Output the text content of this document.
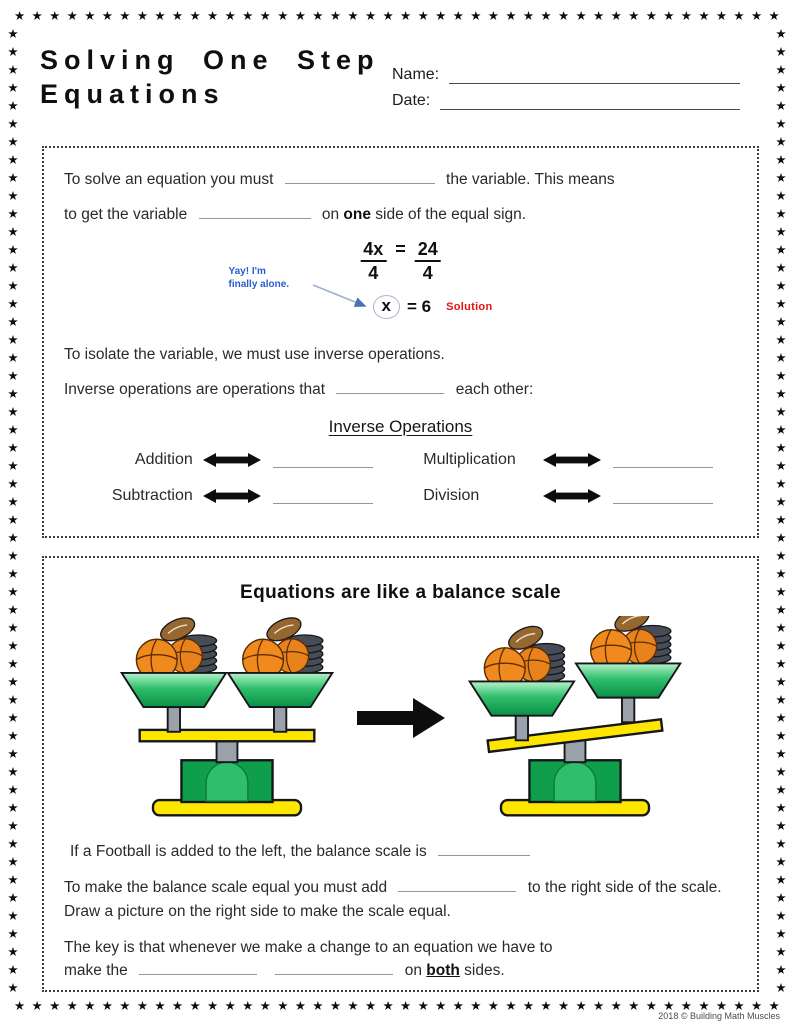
★ ★ ★ ★ ★ ★ ★ ★ ★ ★ ★ ★ ★ ★ ★ ★ ★ ★ ★ ★ ★ ★ ★ ★ ★ ★ ★ ★ ★ ★ ★ ★ ★ ★ ★ ★ ★ ★ ★ ★ ★ ★ ★ ★
★ ★ ★ ★ ★ ★ ★ ★ ★ ★ ★ ★ ★ ★ ★ ★ ★ ★ ★ ★ ★ ★ ★ ★ ★ ★ ★ ★ ★ ★ ★ ★ ★ ★ ★ ★ ★ ★ ★ ★ ★ ★ ★ ★
★
★
★
★
★
★
★
★
★
★
★
★
★
★
★
★
★
★
★
★
★
★
★
★
★
★
★
★
★
★
★
★
★
★
★
★
★
★
★
★
★
★
★
★
★
★
★
★
★
★
★
★
★
★
★
★
★
★
★
★
★
★
★
★
★
★
★
★
★
★
★
★
★
★
★
★
★
★
★
★
★
★
★
★
★
★
★
★
★
★
★
★
★
★
★
★
★
★
★
★
★
★
★
★
★
★
★
★
Solving One Step
Equations
Name:
Date:

To solve an equation you must	the variable. This means

to get the variable	on one side of the equal sign.

$\frac{4x}{4} = \frac{24}{4}$
Yay! I'm
finally alone.
x = 6 Solution

To isolate the variable, we must use inverse operations.

Inverse operations are operations that	each other:

Inverse Operations
Addition	Multiplication
Subtraction	Division
Equations are like a balance scale

If a Football is added to the left, the balance scale is

To make the balance scale equal you must add	to the right side of the scale. Draw a picture on the right side to make the scale equal.

The key is that whenever we make a change to an equation we have to
make the	on both sides.

2018 © Building Math Muscles
